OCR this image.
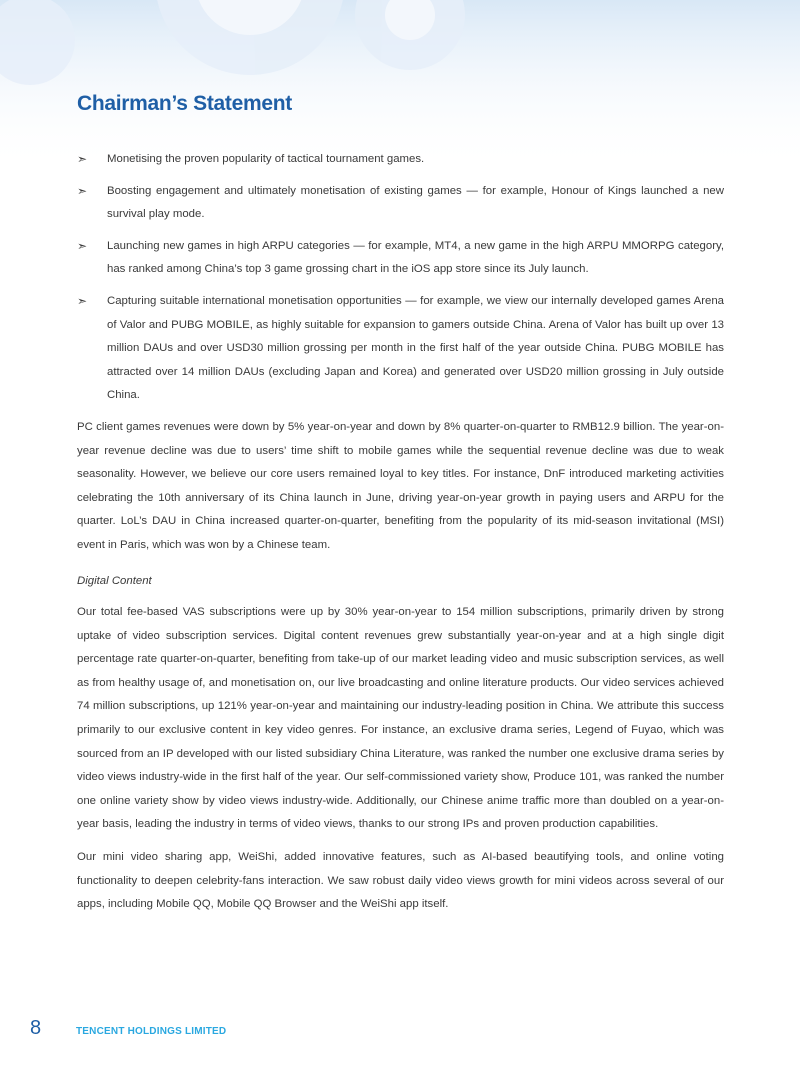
Chairman’s Statement
➣ Monetising the proven popularity of tactical tournament games.
➣ Boosting engagement and ultimately monetisation of existing games — for example, Honour of Kings launched a new survival play mode.
➣ Launching new games in high ARPU categories — for example, MT4, a new game in the high ARPU MMORPG category, has ranked among China’s top 3 game grossing chart in the iOS app store since its July launch.
➣ Capturing suitable international monetisation opportunities — for example, we view our internally developed games Arena of Valor and PUBG MOBILE, as highly suitable for expansion to gamers outside China. Arena of Valor has built up over 13 million DAUs and over USD30 million grossing per month in the first half of the year outside China. PUBG MOBILE has attracted over 14 million DAUs (excluding Japan and Korea) and generated over USD20 million grossing in July outside China.

PC client games revenues were down by 5% year-on-year and down by 8% quarter-on-quarter to RMB12.9 billion. The year-on-year revenue decline was due to users’ time shift to mobile games while the sequential revenue decline was due to weak seasonality. However, we believe our core users remained loyal to key titles. For instance, DnF introduced marketing activities celebrating the 10th anniversary of its China launch in June, driving year-on-year growth in paying users and ARPU for the quarter. LoL’s DAU in China increased quarter-on-quarter, benefiting from the popularity of its mid-season invitational (MSI) event in Paris, which was won by a Chinese team.

Digital Content

Our total fee-based VAS subscriptions were up by 30% year-on-year to 154 million subscriptions, primarily driven by strong uptake of video subscription services. Digital content revenues grew substantially year-on-year and at a high single digit percentage rate quarter-on-quarter, benefiting from take-up of our market leading video and music subscription services, as well as from healthy usage of, and monetisation on, our live broadcasting and online literature products. Our video services achieved 74 million subscriptions, up 121% year-on-year and maintaining our industry-leading position in China. We attribute this success primarily to our exclusive content in key video genres. For instance, an exclusive drama series, Legend of Fuyao, which was sourced from an IP developed with our listed subsidiary China Literature, was ranked the number one exclusive drama series by video views industry-wide in the first half of the year. Our self-commissioned variety show, Produce 101, was ranked the number one online variety show by video views industry-wide. Additionally, our Chinese anime traffic more than doubled on a year-on-year basis, leading the industry in terms of video views, thanks to our strong IPs and proven production capabilities.

Our mini video sharing app, WeiShi, added innovative features, such as AI-based beautifying tools, and online voting functionality to deepen celebrity-fans interaction. We saw robust daily video views growth for mini videos across several of our apps, including Mobile QQ, Mobile QQ Browser and the WeiShi app itself.

8	TENCENT HOLDINGS LIMITED
